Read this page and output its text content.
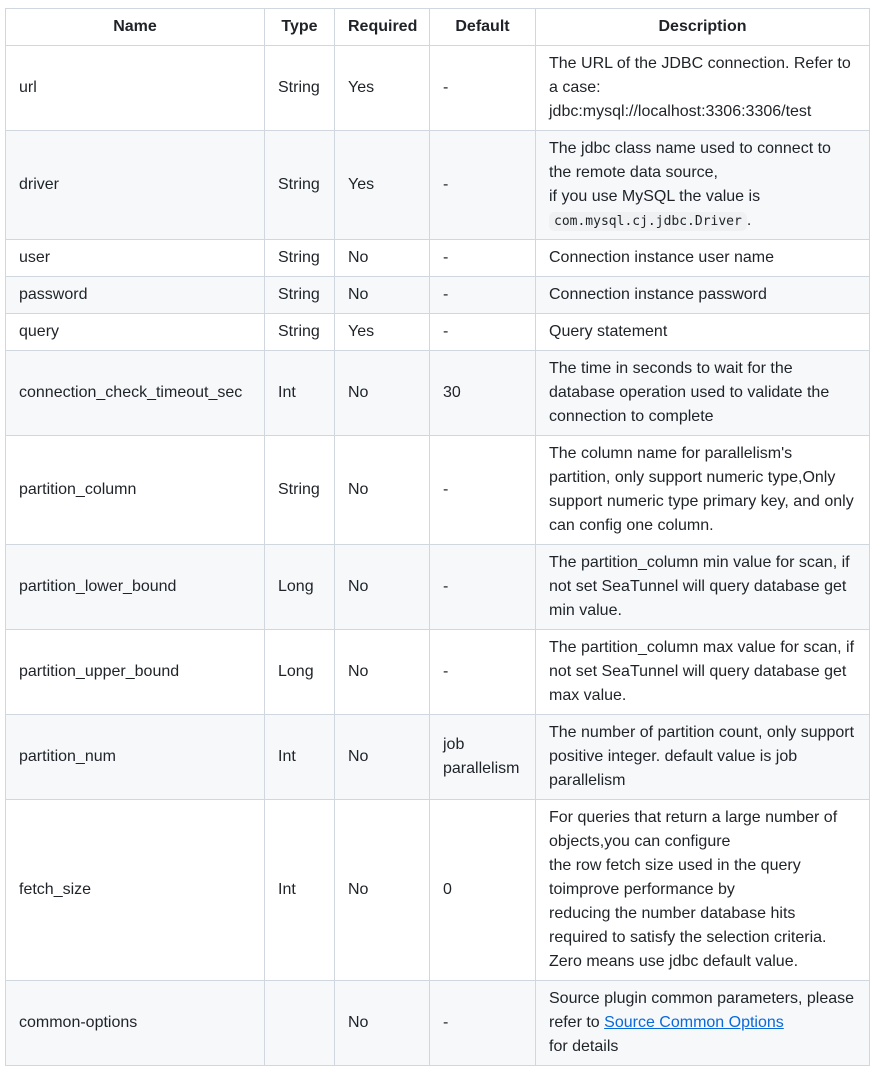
Name	Type	Required	Default	Description
url	String	Yes	-	The URL of the JDBC connection. Refer to a case:
jdbc:mysql://localhost:3306:3306/test

driver	String	Yes	-	The jdbc class name used to connect to the remote data source,
if you use MySQL the value is
com.mysql.cj.jdbc.Driver .

user	String	No	-	Connection instance user name
password	String	No	-	Connection instance password
query	String	Yes	-	Query statement
connection_check_timeout_sec	Int	No	30	The time in seconds to wait for the database operation used to validate the connection to complete
partition_column	String	No	-	The column name for parallelism's partition, only support numeric type,Only support numeric type primary key, and only can config one column.
partition_lower_bound	Long	No	-	The partition_column min value for scan, if not set SeaTunnel will query database get min value.
partition_upper_bound	Long	No	-	The partition_column max value for scan, if not set SeaTunnel will query database get max value.
partition_num	Int	No	job parallelism	The number of partition count, only support positive integer. default value is job parallelism
fetch_size	Int	No	0	For queries that return a large number of objects,you can configure
the row fetch size used in the query toimprove performance by
reducing the number database hits required to satisfy the selection criteria.
Zero means use jdbc default value.

common-options		No	-	Source plugin common parameters, please refer to Source Common Options
for details
